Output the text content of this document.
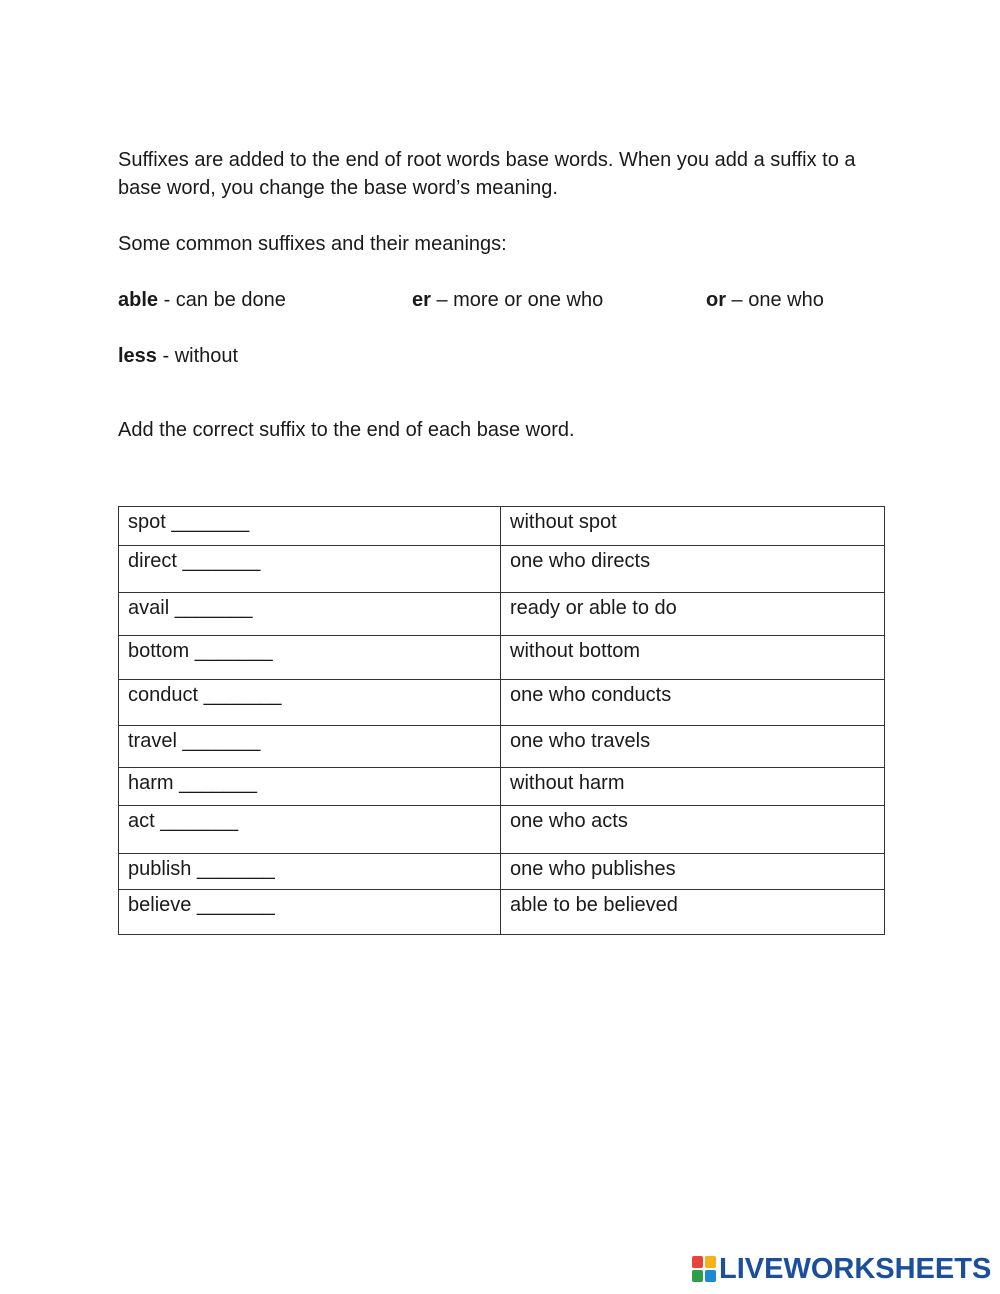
Suffixes are added to the end of root words base words. When you add a suffix to a base word, you change the base word’s meaning.
Some common suffixes and their meanings:
able - can be done	er – more or one who	or – one who
less - without
Add the correct suffix to the end of each base word.
spot _______	without spot
direct _______	one who directs
avail _______	ready or able to do
bottom _______	without bottom
conduct _______	one who conducts
travel _______	one who travels
harm _______	without harm
act _______	one who acts
publish _______	one who publishes
believe _______	able to be believed
LIVEWORKSHEETS
